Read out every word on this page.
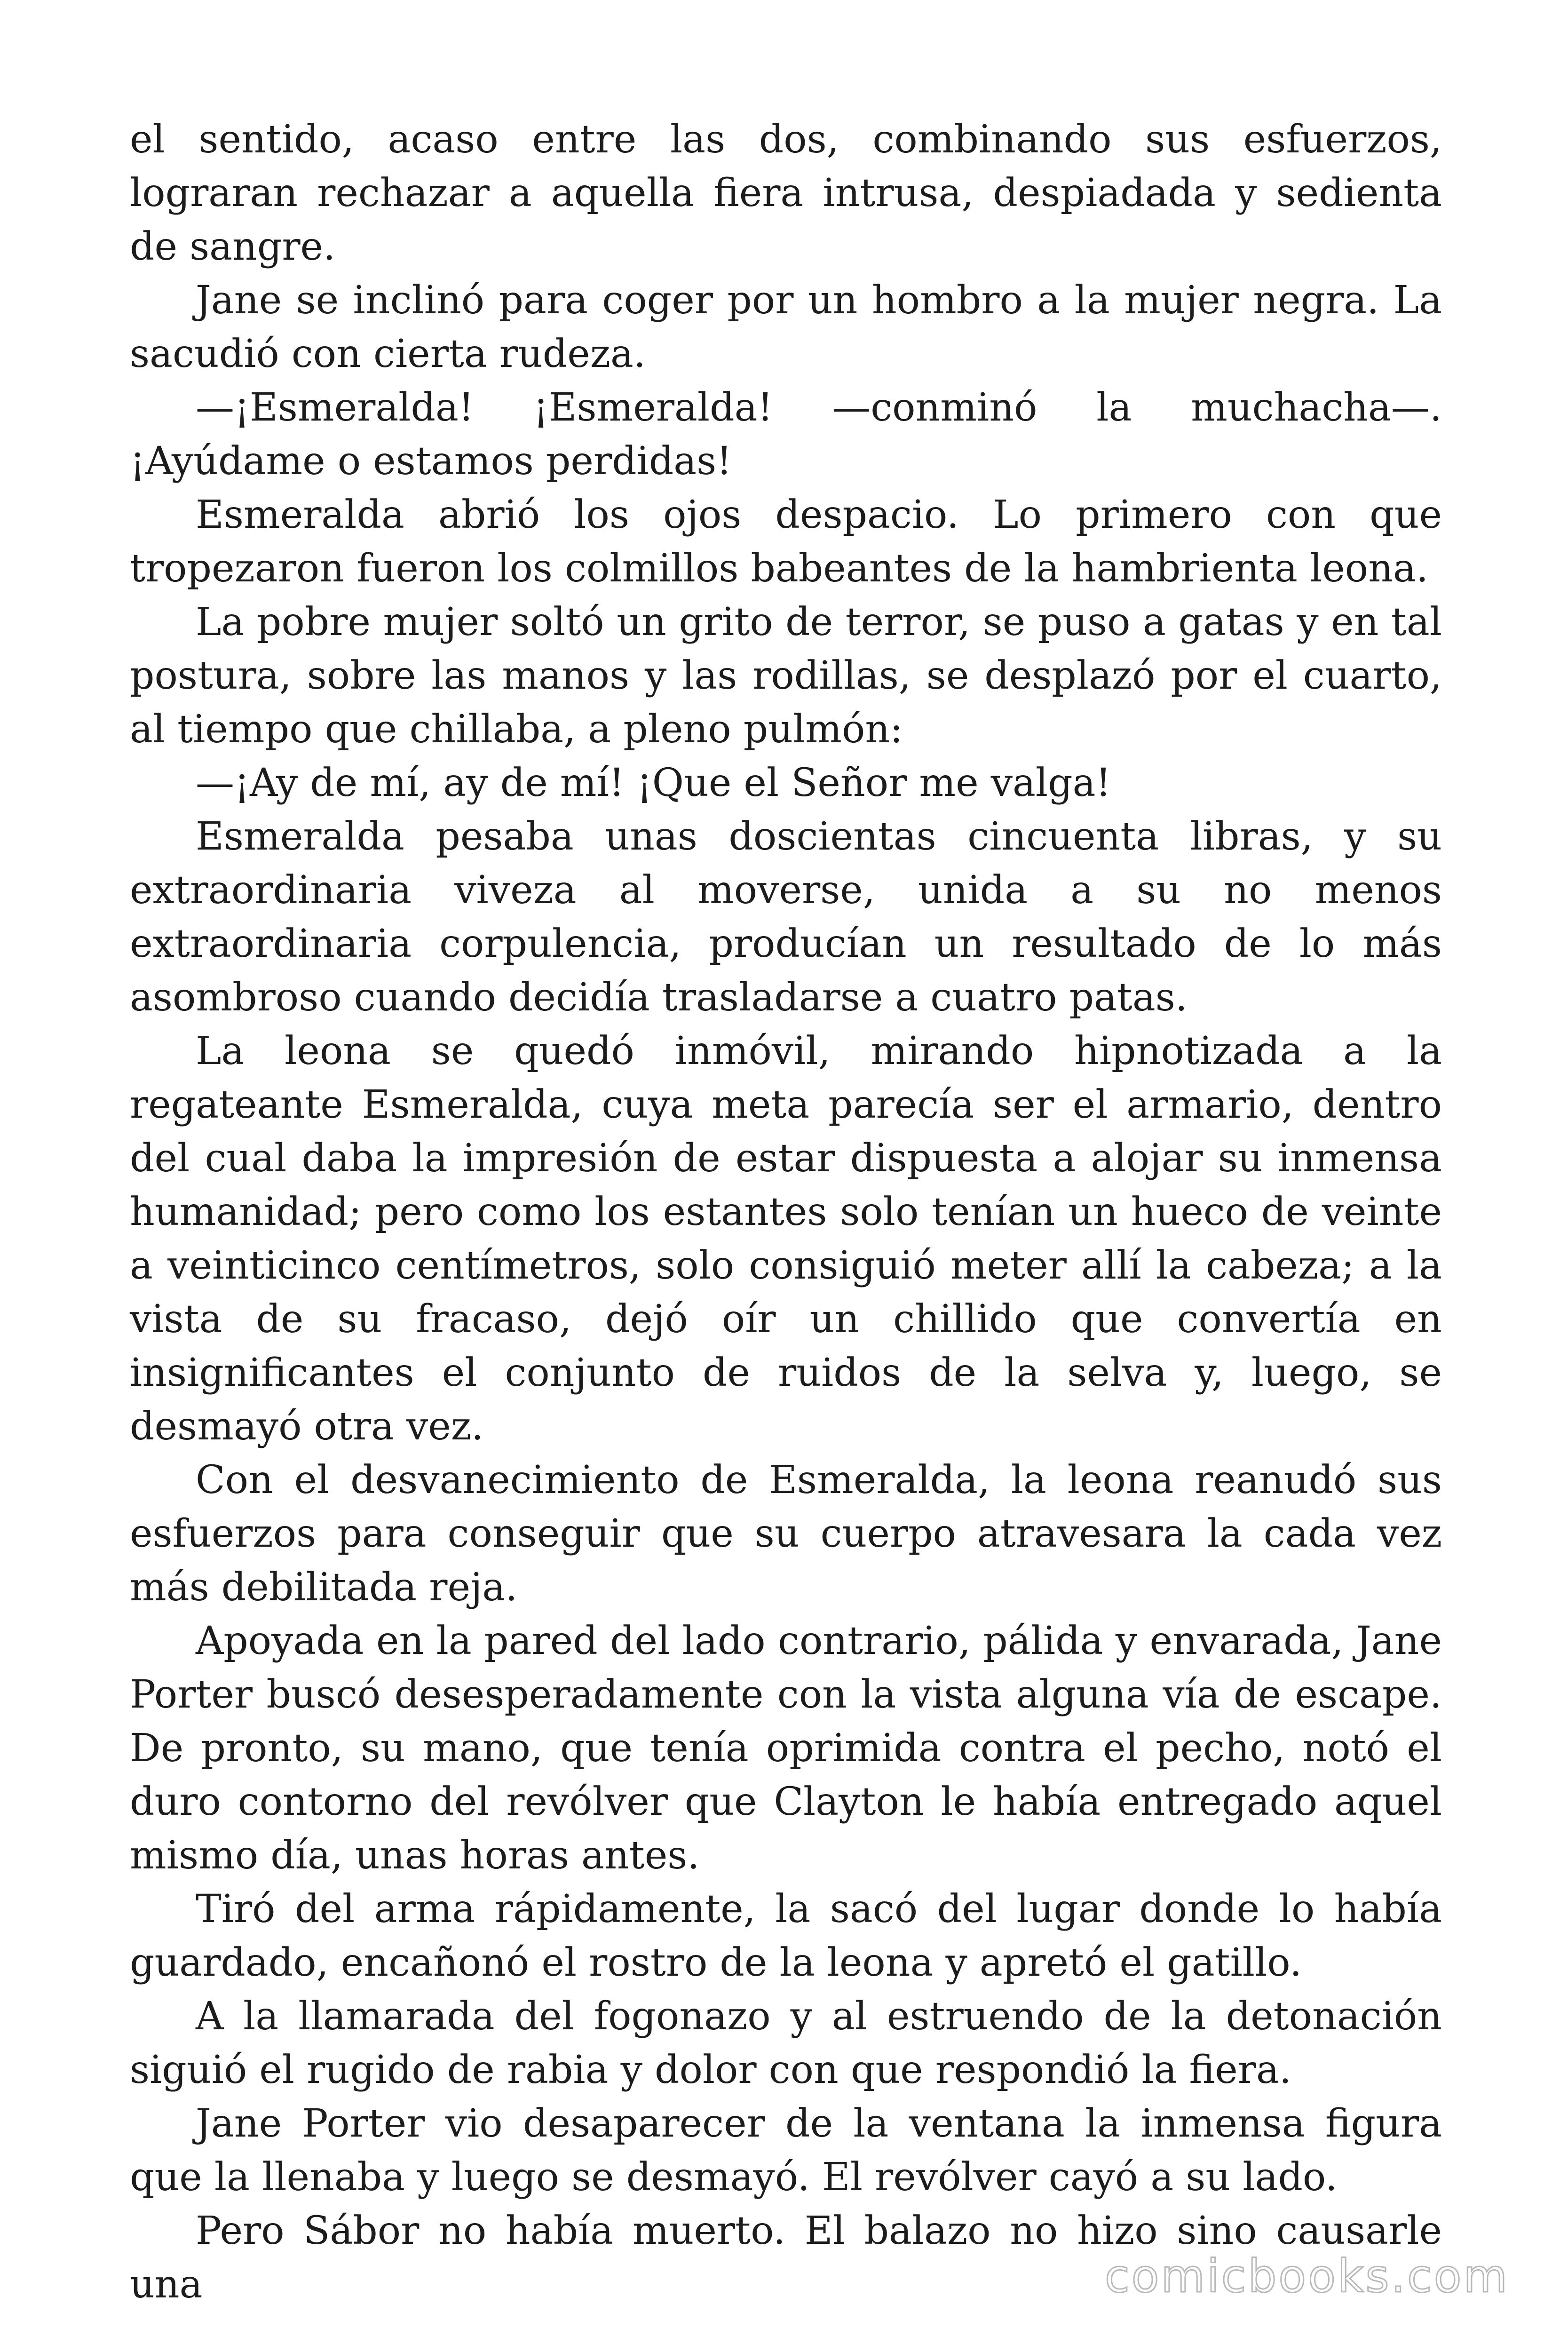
el sentido, acaso entre las dos, combinando sus esfuerzos, lograran rechazar a aquella fiera intrusa, despiadada y sedienta de sangre.

Jane se inclinó para coger por un hombro a la mujer negra. La sacudió con cierta rudeza.

—¡Esmeralda! ¡Esmeralda! —conminó la muchacha—. ¡Ayúdame o estamos perdidas!

Esmeralda abrió los ojos despacio. Lo primero con que tropezaron fueron los colmillos babeantes de la hambrienta leona.

La pobre mujer soltó un grito de terror, se puso a gatas y en tal postura, sobre las manos y las rodillas, se desplazó por el cuarto, al tiempo que chillaba, a pleno pulmón:

—¡Ay de mí, ay de mí! ¡Que el Señor me valga!

Esmeralda pesaba unas doscientas cincuenta libras, y su extraordinaria viveza al moverse, unida a su no menos extraordinaria corpulencia, producían un resultado de lo más asombroso cuando decidía trasladarse a cuatro patas.

La leona se quedó inmóvil, mirando hipnotizada a la regateante Esmeralda, cuya meta parecía ser el armario, dentro del cual daba la impresión de estar dispuesta a alojar su inmensa humanidad; pero como los estantes solo tenían un hueco de veinte a veinticinco centímetros, solo consiguió meter allí la cabeza; a la vista de su fracaso, dejó oír un chillido que convertía en insignificantes el conjunto de ruidos de la selva y, luego, se desmayó otra vez.

Con el desvanecimiento de Esmeralda, la leona reanudó sus esfuerzos para conseguir que su cuerpo atravesara la cada vez más debilitada reja.

Apoyada en la pared del lado contrario, pálida y envarada, Jane Porter buscó desesperadamente con la vista alguna vía de escape. De pronto, su mano, que tenía oprimida contra el pecho, notó el duro contorno del revólver que Clayton le había entregado aquel mismo día, unas horas antes.

Tiró del arma rápidamente, la sacó del lugar donde lo había guardado, encañonó el rostro de la leona y apretó el gatillo.

A la llamarada del fogonazo y al estruendo de la detonación siguió el rugido de rabia y dolor con que respondió la fiera.

Jane Porter vio desaparecer de la ventana la inmensa figura que la llenaba y luego se desmayó. El revólver cayó a su lado.

Pero Sábor no había muerto. El balazo no hizo sino causarle una	comicbooks.com
